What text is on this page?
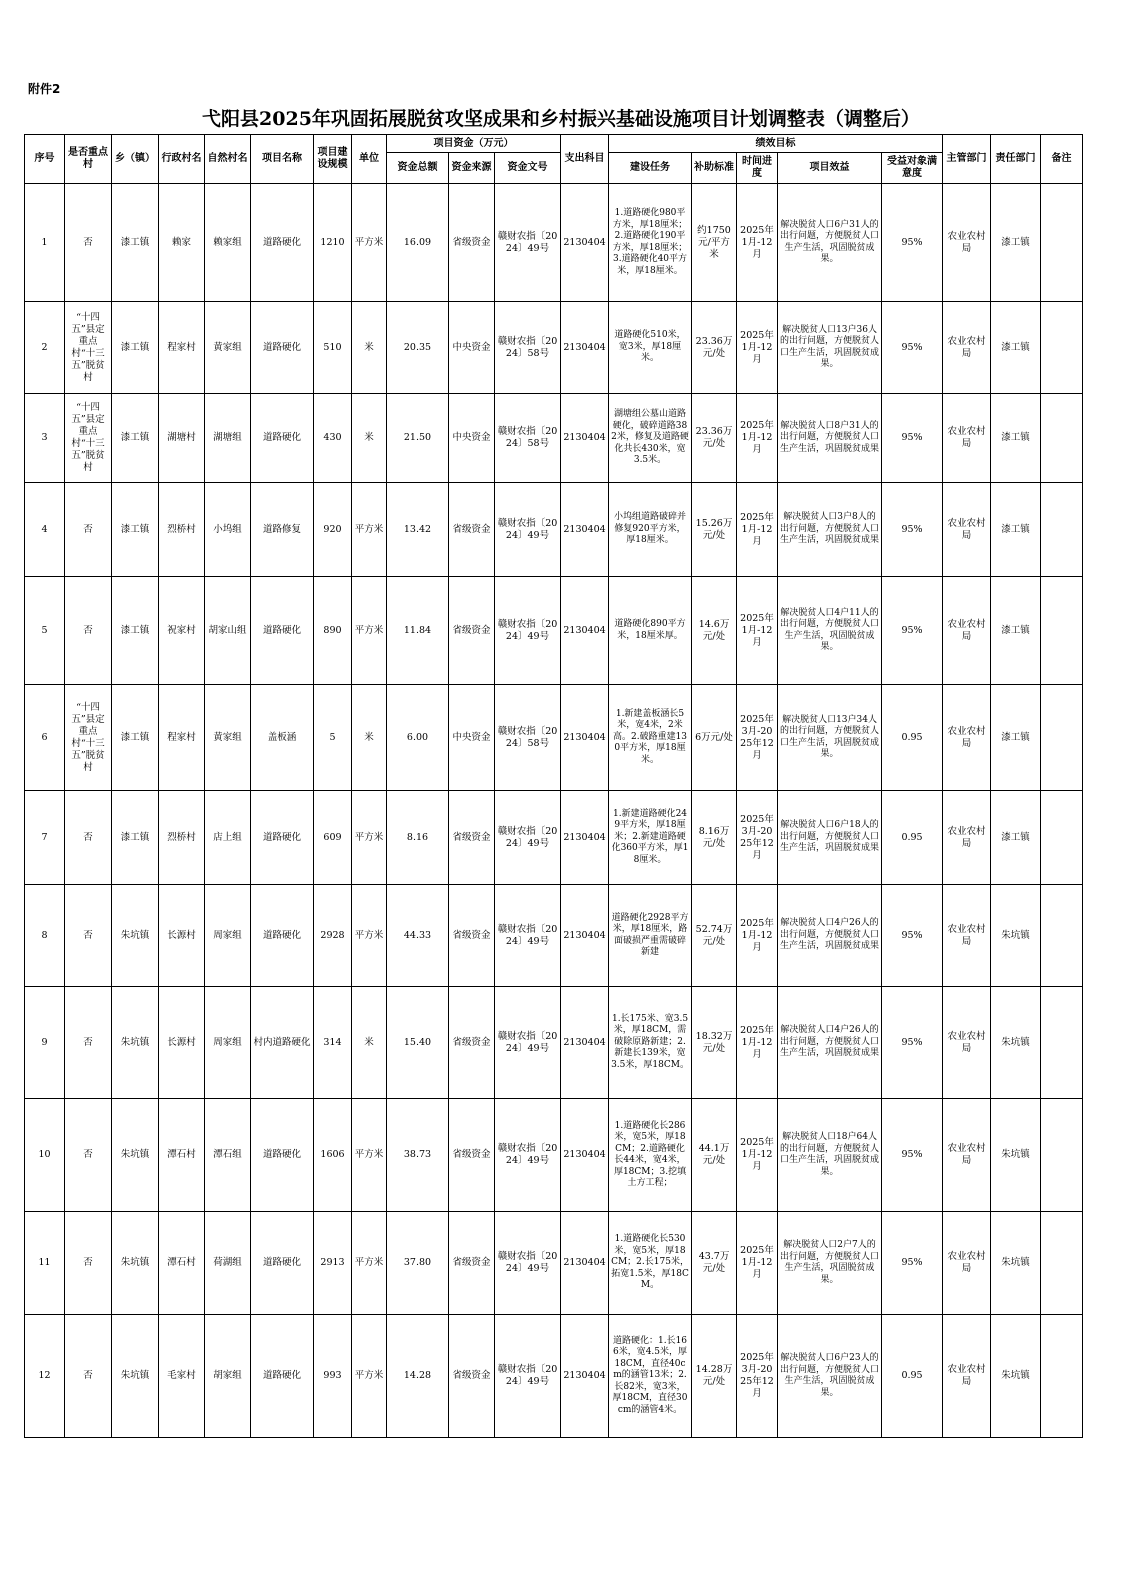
附件2
弋阳县2025年巩固拓展脱贫攻坚成果和乡村振兴基础设施项目计划调整表（调整后）
序号	是否重点村	乡（镇）	行政村名	自然村名	项目名称	项目建设规模	单位	项目资金（万元）			支出科目	绩效目标					主管部门	责任部门	备注
								资金总额	资金来源	资金文号		建设任务	补助标准	时间进度	项目效益	受益对象满意度			
1	否	漆工镇	赖家	赖家组	道路硬化	1210	平方米	16.09	省级资金	赣财农指〔2024〕49号	2130404	1.道路硬化980平方米，厚18厘米；2.道路硬化190平方米，厚18厘米；3.道路硬化40平方米，厚18厘米。	约1750元/平方米	2025年1月-12月	解决脱贫人口6户31人的出行问题，方便脱贫人口生产生活，巩固脱贫成果。	95%	农业农村局	漆工镇	
2	“十四五”县定重点村“十三五”脱贫村	漆工镇	程家村	黄家组	道路硬化	510	米	20.35	中央资金	赣财农指〔2024〕58号	2130404	道路硬化510米，宽3米，厚18厘米。	23.36万元/处	2025年1月-12月	解决脱贫人口13户36人的出行问题，方便脱贫人口生产生活，巩固脱贫成果。	95%	农业农村局	漆工镇	
3	“十四五”县定重点村“十三五”脱贫村	漆工镇	湖塘村	湖塘组	道路硬化	430	米	21.50	中央资金	赣财农指〔2024〕58号	2130404	湖塘组公墓山道路硬化，破碎道路382米，修复及道路硬化共长430米，宽3.5米。	23.36万元/处	2025年1月-12月	解决脱贫人口8户31人的出行问题，方便脱贫人口生产生活，巩固脱贫成果	95%	农业农村局	漆工镇	
4	否	漆工镇	烈桥村	小坞组	道路修复	920	平方米	13.42	省级资金	赣财农指〔2024〕49号	2130404	小坞组道路破碎并修复920平方米，厚18厘米。	15.26万元/处	2025年1月-12月	解决脱贫人口3户8人的出行问题，方便脱贫人口生产生活，巩固脱贫成果	95%	农业农村局	漆工镇	
5	否	漆工镇	祝家村	胡家山组	道路硬化	890	平方米	11.84	省级资金	赣财农指〔2024〕49号	2130404	道路硬化890平方米，18厘米厚。	14.6万元/处	2025年1月-12月	解决脱贫人口4户11人的出行问题，方便脱贫人口生产生活，巩固脱贫成果。	95%	农业农村局	漆工镇	
6	“十四五”县定重点村“十三五”脱贫村	漆工镇	程家村	黄家组	盖板涵	5	米	6.00	中央资金	赣财农指〔2024〕58号	2130404	1.新建盖板涵长5米，宽4米，2米高。2.破路重建130平方米，厚18厘米。	6万元/处	2025年3月-2025年12月	解决脱贫人口13户34人的出行问题，方便脱贫人口生产生活，巩固脱贫成果。	0.95	农业农村局	漆工镇	
7	否	漆工镇	烈桥村	店上组	道路硬化	609	平方米	8.16	省级资金	赣财农指〔2024〕49号	2130404	1.新建道路硬化249平方米，厚18厘米；2.新建道路硬化360平方米，厚18厘米。	8.16万元/处	2025年3月-2025年12月	解决脱贫人口6户18人的出行问题，方便脱贫人口生产生活，巩固脱贫成果	0.95	农业农村局	漆工镇	
8	否	朱坑镇	长源村	周家组	道路硬化	2928	平方米	44.33	省级资金	赣财农指〔2024〕49号	2130404	道路硬化2928平方米，厚18厘米，路面破损严重需破碎新建	52.74万元/处	2025年1月-12月	解决脱贫人口4户26人的出行问题，方便脱贫人口生产生活，巩固脱贫成果	95%	农业农村局	朱坑镇	
9	否	朱坑镇	长源村	周家组	村内道路硬化	314	米	15.40	省级资金	赣财农指〔2024〕49号	2130404	1.长175米、宽3.5米，厚18CM，需破除原路新建；2.新建长139米，宽3.5米，厚18CM。	18.32万元/处	2025年1月-12月	解决脱贫人口4户26人的出行问题，方便脱贫人口生产生活，巩固脱贫成果	95%	农业农村局	朱坑镇	
10	否	朱坑镇	潭石村	潭石组	道路硬化	1606	平方米	38.73	省级资金	赣财农指〔2024〕49号	2130404	1.道路硬化长286米，宽5米，厚18CM；2.道路硬化长44米，宽4米，厚18CM；3.挖填土方工程；	44.1万元/处	2025年1月-12月	解决脱贫人口18户64人的出行问题，方便脱贫人口生产生活，巩固脱贫成果。	95%	农业农村局	朱坑镇	
11	否	朱坑镇	潭石村	荷湖组	道路硬化	2913	平方米	37.80	省级资金	赣财农指〔2024〕49号	2130404	1.道路硬化长530米，宽5米，厚18CM；2.长175米，拓宽1.5米，厚18CM。	43.7万元/处	2025年1月-12月	解决脱贫人口2户7人的出行问题，方便脱贫人口生产生活，巩固脱贫成果。	95%	农业农村局	朱坑镇	
12	否	朱坑镇	毛家村	胡家组	道路硬化	993	平方米	14.28	省级资金	赣财农指〔2024〕49号	2130404	道路硬化：1.长166米，宽4.5米，厚18CM，直径40cm的涵管13米；2.长82米，宽3米，厚18CM，直径30cm的涵管4米。	14.28万元/处	2025年3月-2025年12月	解决脱贫人口6户23人的出行问题，方便脱贫人口生产生活，巩固脱贫成果。	0.95	农业农村局	朱坑镇	
